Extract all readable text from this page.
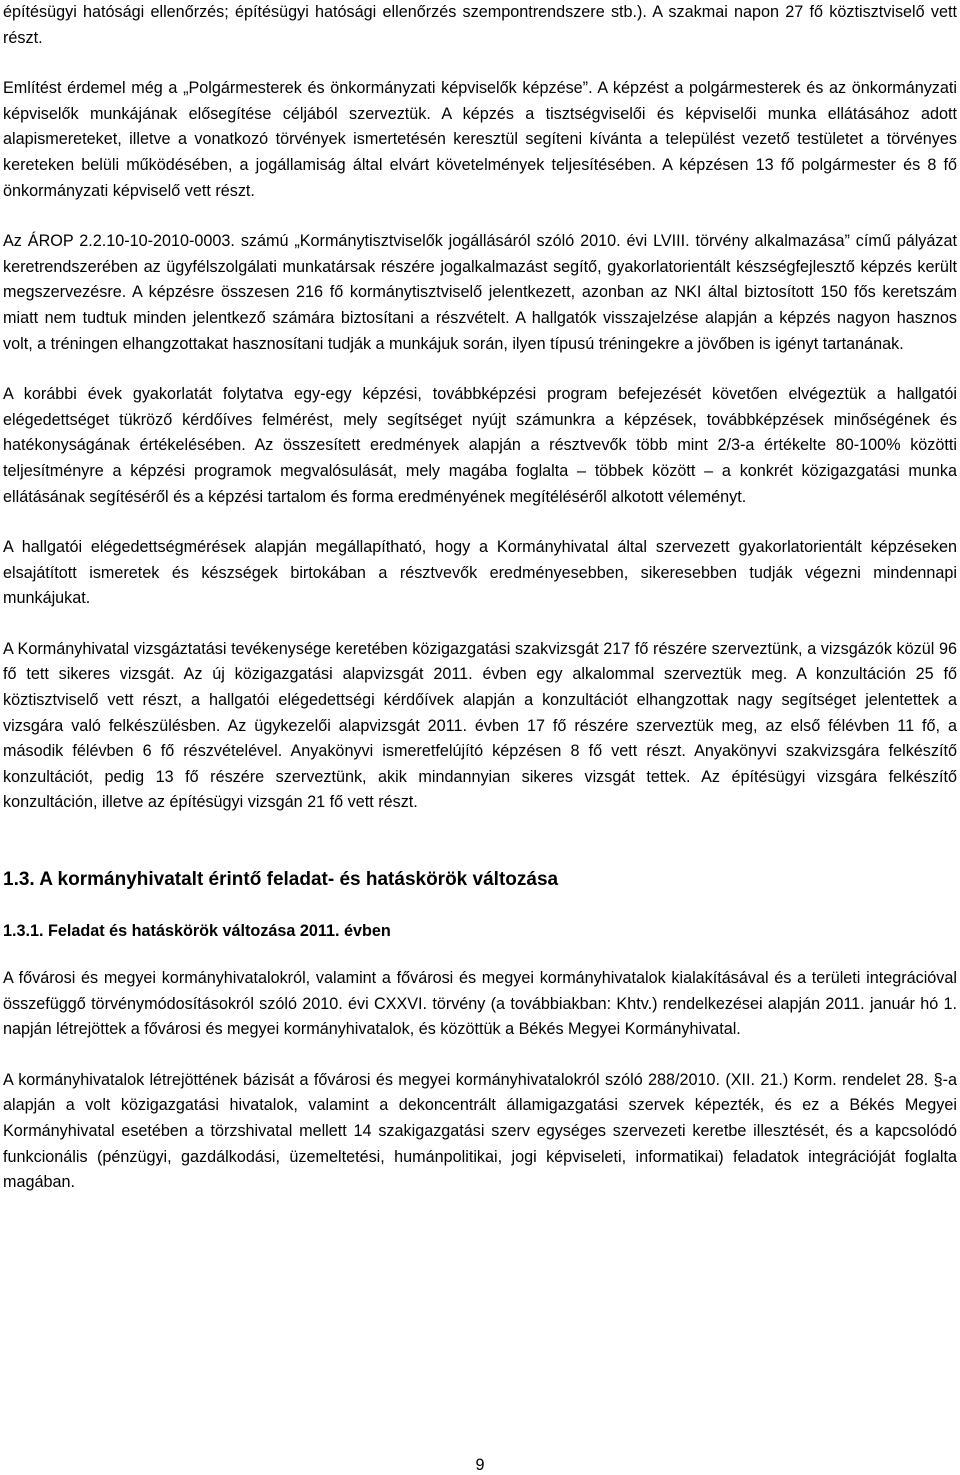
építésügyi hatósági ellenőrzés; építésügyi hatósági ellenőrzés szempontrendszere stb.). A szakmai napon 27 fő köztisztviselő vett részt.

Említést érdemel még a „Polgármesterek és önkormányzati képviselők képzése”. A képzést a polgármesterek és az önkormányzati képviselők munkájának elősegítése céljából szerveztük. A képzés a tisztségviselői és képviselői munka ellátásához adott alapismereteket, illetve a vonatkozó törvények ismertetésén keresztül segíteni kívánta a települést vezető testületet a törvényes kereteken belüli működésében, a jogállamiság által elvárt követelmények teljesítésében. A képzésen 13 fő polgármester és 8 fő önkormányzati képviselő vett részt.

Az ÁROP 2.2.10-10-2010-0003. számú „Kormánytisztviselők jogállásáról szóló 2010. évi LVIII. törvény alkalmazása” című pályázat keretrendszerében az ügyfélszolgálati munkatársak részére jogalkalmazást segítő, gyakorlatorientált készségfejlesztő képzés került megszervezésre. A képzésre összesen 216 fő kormánytisztviselő jelentkezett, azonban az NKI által biztosított 150 fős keretszám miatt nem tudtuk minden jelentkező számára biztosítani a részvételt. A hallgatók visszajelzése alapján a képzés nagyon hasznos volt, a tréningen elhangzottakat hasznosítani tudják a munkájuk során, ilyen típusú tréningekre a jövőben is igényt tartanának.

A korábbi évek gyakorlatát folytatva egy-egy képzési, továbbképzési program befejezését követően elvégeztük a hallgatói elégedettséget tükröző kérdőíves felmérést, mely segítséget nyújt számunkra a képzések, továbbképzések minőségének és hatékonyságának értékelésében. Az összesített eredmények alapján a résztvevők több mint 2/3-a értékelte 80-100% közötti teljesítményre a képzési programok megvalósulását, mely magába foglalta – többek között – a konkrét közigazgatási munka ellátásának segítéséről és a képzési tartalom és forma eredményének megítéléséről alkotott véleményt.

A hallgatói elégedettségmérések alapján megállapítható, hogy a Kormányhivatal által szervezett gyakorlatorientált képzéseken elsajátított ismeretek és készségek birtokában a résztvevők eredményesebben, sikeresebben tudják végezni mindennapi munkájukat.

A Kormányhivatal vizsgáztatási tevékenysége keretében közigazgatási szakvizsgát 217 fő részére szerveztünk, a vizsgázók közül 96 fő tett sikeres vizsgát. Az új közigazgatási alapvizsgát 2011. évben egy alkalommal szerveztük meg. A konzultáción 25 fő köztisztviselő vett részt, a hallgatói elégedettségi kérdőívek alapján a konzultációt elhangzottak nagy segítséget jelentettek a vizsgára való felkészülésben. Az ügykezelői alapvizsgát 2011. évben 17 fő részére szerveztük meg, az első félévben 11 fő, a második félévben 6 fő részvételével. Anyakönyvi ismeretfelújító képzésen 8 fő vett részt. Anyakönyvi szakvizsgára felkészítő konzultációt, pedig 13 fő részére szerveztünk, akik mindannyian sikeres vizsgát tettek. Az építésügyi vizsgára felkészítő konzultáción, illetve az építésügyi vizsgán 21 fő vett részt.

1.3. A kormányhivatalt érintő feladat- és hatáskörök változása
1.3.1. Feladat és hatáskörök változása 2011. évben

A fővárosi és megyei kormányhivatalokról, valamint a fővárosi és megyei kormányhivatalok kialakításával és a területi integrációval összefüggő törvénymódosításokról szóló 2010. évi CXXVI. törvény (a továbbiakban: Khtv.) rendelkezései alapján 2011. január hó 1. napján létrejöttek a fővárosi és megyei kormányhivatalok, és közöttük a Békés Megyei Kormányhivatal.

A kormányhivatalok létrejöttének bázisát a fővárosi és megyei kormányhivatalokról szóló 288/2010. (XII. 21.) Korm. rendelet 28. §-a alapján a volt közigazgatási hivatalok, valamint a dekoncentrált államigazgatási szervek képezték, és ez a Békés Megyei Kormányhivatal esetében a törzshivatal mellett 14 szakigazgatási szerv egységes szervezeti keretbe illesztését, és a kapcsolódó funkcionális (pénzügyi, gazdálkodási, üzemeltetési, humánpolitikai, jogi képviseleti, informatikai) feladatok integrációját foglalta magában.

9
